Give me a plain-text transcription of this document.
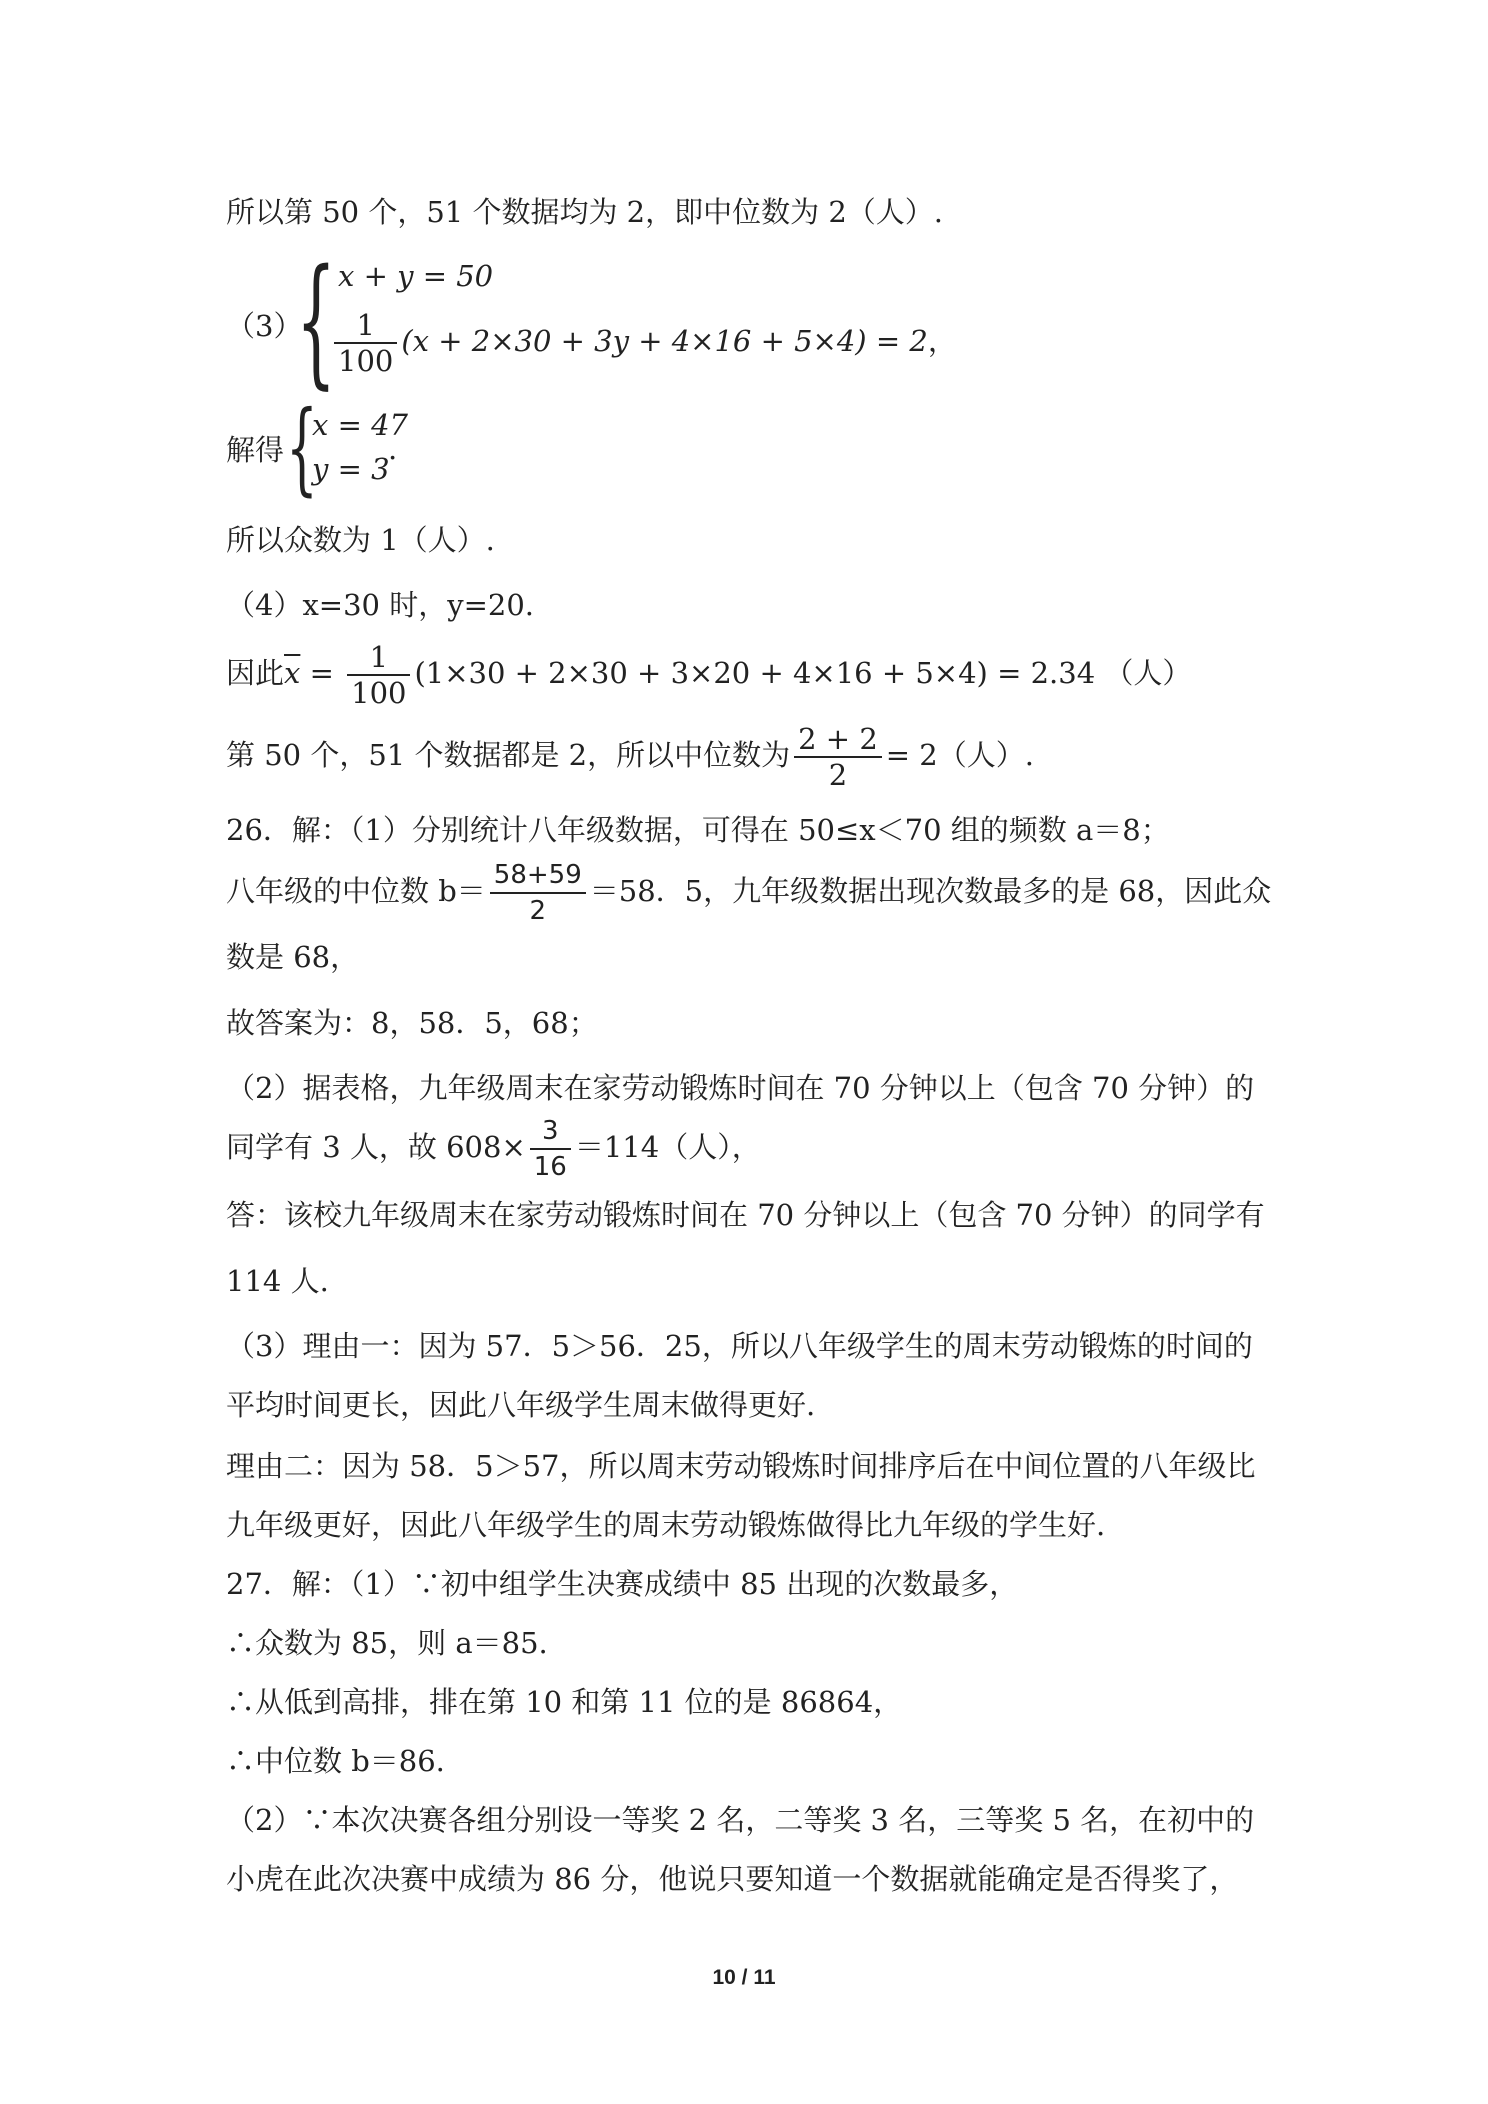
所以第 50 个，51 个数据均为 2，即中位数为 2（人）.
（3）
{ x + y = 50
$\frac{1}{100} (x + 2\times 30 + 3y + 4\times 16 + 5\times 4) = 2$，
解得 {
x = 47
y = 3
.
所以众数为 1（人）.
（4）x=30 时，y=20.
因此$\overline{x} = \frac{1}{100} (1\times 30 + 2\times 30 + 3\times 20 + 4\times 16 + 5\times 4) = 2.34$ （人）
第 50 个，51 个数据都是 2，所以中位数为 $\frac{2 + 2}{2} = 2$（人）.
26．解：（1）分别统计八年级数据，可得在 50≤x＜70 组的频数 a＝8；
八年级的中位数 $b= \frac{58+59}{2} =58$．5，九年级数据出现次数最多的是 68，因此众
数是 68，
故答案为：8，58．5，68；
（2）据表格，九年级周末在家劳动锻炼时间在 70 分钟以上（包含 70 分钟）的
同学有 3 人，故 $608\times \frac{3}{16} =114$（人），
答：该校九年级周末在家劳动锻炼时间在 70 分钟以上（包含 70 分钟）的同学有
114 人.
（3）理由一：因为 57．5＞56．25，所以八年级学生的周末劳动锻炼的时间的
平均时间更长，因此八年级学生周末做得更好.
理由二：因为 58．5＞57，所以周末劳动锻炼时间排序后在中间位置的八年级比
九年级更好，因此八年级学生的周末劳动锻炼做得比九年级的学生好.
27．解：（1）∵初中组学生决赛成绩中 85 出现的次数最多，
∴众数为 85，则 a＝85.
∴从低到高排，排在第 10 和第 11 位的是 86864，
∴中位数 b＝86.
（2）∵本次决赛各组分别设一等奖 2 名，二等奖 3 名，三等奖 5 名，在初中的
小虎在此次决赛中成绩为 86 分，他说只要知道一个数据就能确定是否得奖了，
10 / 11
